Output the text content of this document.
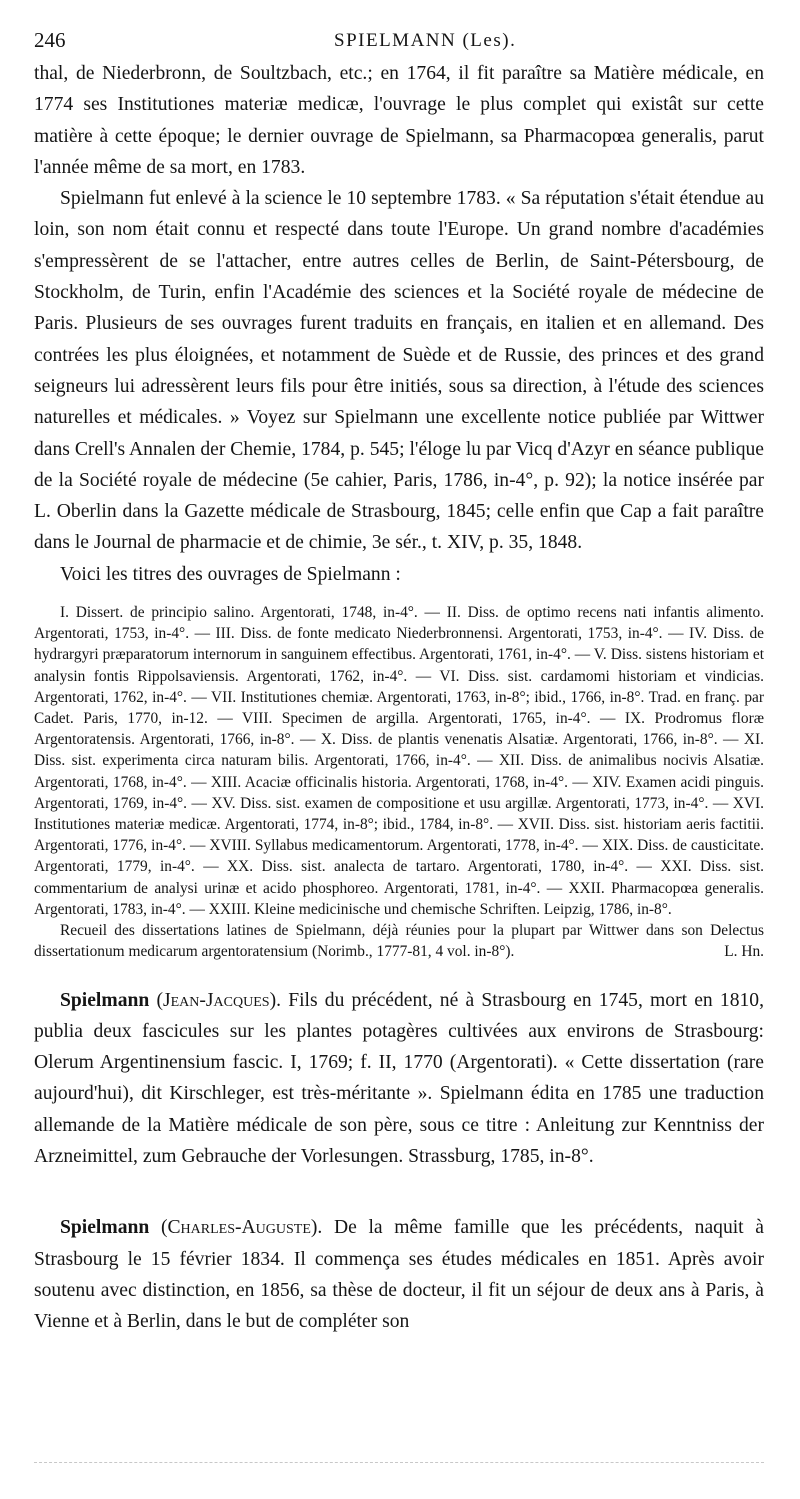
246	SPIELMANN (Les).

thal, de Niederbronn, de Soultzbach, etc.; en 1764, il fit paraître sa Matière médicale, en 1774 ses Institutiones materiæ medicæ, l'ouvrage le plus complet qui existât sur cette matière à cette époque; le dernier ouvrage de Spielmann, sa Pharmacopœa generalis, parut l'année même de sa mort, en 1783.

Spielmann fut enlevé à la science le 10 septembre 1783. « Sa réputation s'était étendue au loin, son nom était connu et respecté dans toute l'Europe. Un grand nombre d'académies s'empressèrent de se l'attacher, entre autres celles de Berlin, de Saint-Pétersbourg, de Stockholm, de Turin, enfin l'Académie des sciences et la Société royale de médecine de Paris. Plusieurs de ses ouvrages furent traduits en français, en italien et en allemand. Des contrées les plus éloignées, et notamment de Suède et de Russie, des princes et des grand seigneurs lui adressèrent leurs fils pour être initiés, sous sa direction, à l'étude des sciences naturelles et médicales. » Voyez sur Spielmann une excellente notice publiée par Wittwer dans Crell's Annalen der Chemie, 1784, p. 545; l'éloge lu par Vicq d'Azyr en séance publique de la Société royale de médecine (5e cahier, Paris, 1786, in-4°, p. 92); la notice insérée par L. Oberlin dans la Gazette médicale de Strasbourg, 1845; celle enfin que Cap a fait paraître dans le Journal de pharmacie et de chimie, 3e sér., t. XIV, p. 35, 1848.

Voici les titres des ouvrages de Spielmann :

I. Dissert. de principio salino. Argentorati, 1748, in-4°. — II. Diss. de optimo recens nati infantis alimento. Argentorati, 1753, in-4°. — III. Diss. de fonte medicato Niederbronnensi. Argentorati, 1753, in-4°. — IV. Diss. de hydrargyri præparatorum internorum in sanguinem effectibus. Argentorati, 1761, in-4°. — V. Diss. sistens historiam et analysin fontis Rippolsaviensis. Argentorati, 1762, in-4°. — VI. Diss. sist. cardamomi historiam et vindicias. Argentorati, 1762, in-4°. — VII. Institutiones chemiæ. Argentorati, 1763, in-8°; ibid., 1766, in-8°. Trad. en franç. par Cadet. Paris, 1770, in-12. — VIII. Specimen de argilla. Argentorati, 1765, in-4°. — IX. Prodromus floræ Argentoratensis. Argentorati, 1766, in-8°. — X. Diss. de plantis venenatis Alsatiæ. Argentorati, 1766, in-8°. — XI. Diss. sist. experimenta circa naturam bilis. Argentorati, 1766, in-4°. — XII. Diss. de animalibus nocivis Alsatiæ. Argentorati, 1768, in-4°. — XIII. Acaciæ officinalis historia. Argentorati, 1768, in-4°. — XIV. Examen acidi pinguis. Argentorati, 1769, in-4°. — XV. Diss. sist. examen de compositione et usu argillæ. Argentorati, 1773, in-4°. — XVI. Institutiones materiæ medicæ. Argentorati, 1774, in-8°; ibid., 1784, in-8°. — XVII. Diss. sist. historiam aeris factitii. Argentorati, 1776, in-4°. — XVIII. Syllabus medicamentorum. Argentorati, 1778, in-4°. — XIX. Diss. de causticitate. Argentorati, 1779, in-4°. — XX. Diss. sist. analecta de tartaro. Argentorati, 1780, in-4°. — XXI. Diss. sist. commentarium de analysi urinæ et acido phosphoreo. Argentorati, 1781, in-4°. — XXII. Pharmacopœa generalis. Argentorati, 1783, in-4°. — XXIII. Kleine medicinische und chemische Schriften. Leipzig, 1786, in-8°.

Recueil des dissertations latines de Spielmann, déjà réunies pour la plupart par Wittwer dans son Delectus dissertationum medicarum argentoratensium (Norimb., 1777-81, 4 vol. in-8°).	L. Hn.

Spielmann (Jean-Jacques). Fils du précédent, né à Strasbourg en 1745, mort en 1810, publia deux fascicules sur les plantes potagères cultivées aux environs de Strasbourg: Olerum Argentinensium fascic. I, 1769; f. II, 1770 (Argentorati). « Cette dissertation (rare aujourd'hui), dit Kirschleger, est très-méritante ». Spielmann édita en 1785 une traduction allemande de la Matière médicale de son père, sous ce titre : Anleitung zur Kenntniss der Arzneimittel, zum Gebrauche der Vorlesungen. Strassburg, 1785, in-8°.

Spielmann (Charles-Auguste). De la même famille que les précédents, naquit à Strasbourg le 15 février 1834. Il commença ses études médicales en 1851. Après avoir soutenu avec distinction, en 1856, sa thèse de docteur, il fit un séjour de deux ans à Paris, à Vienne et à Berlin, dans le but de compléter son
